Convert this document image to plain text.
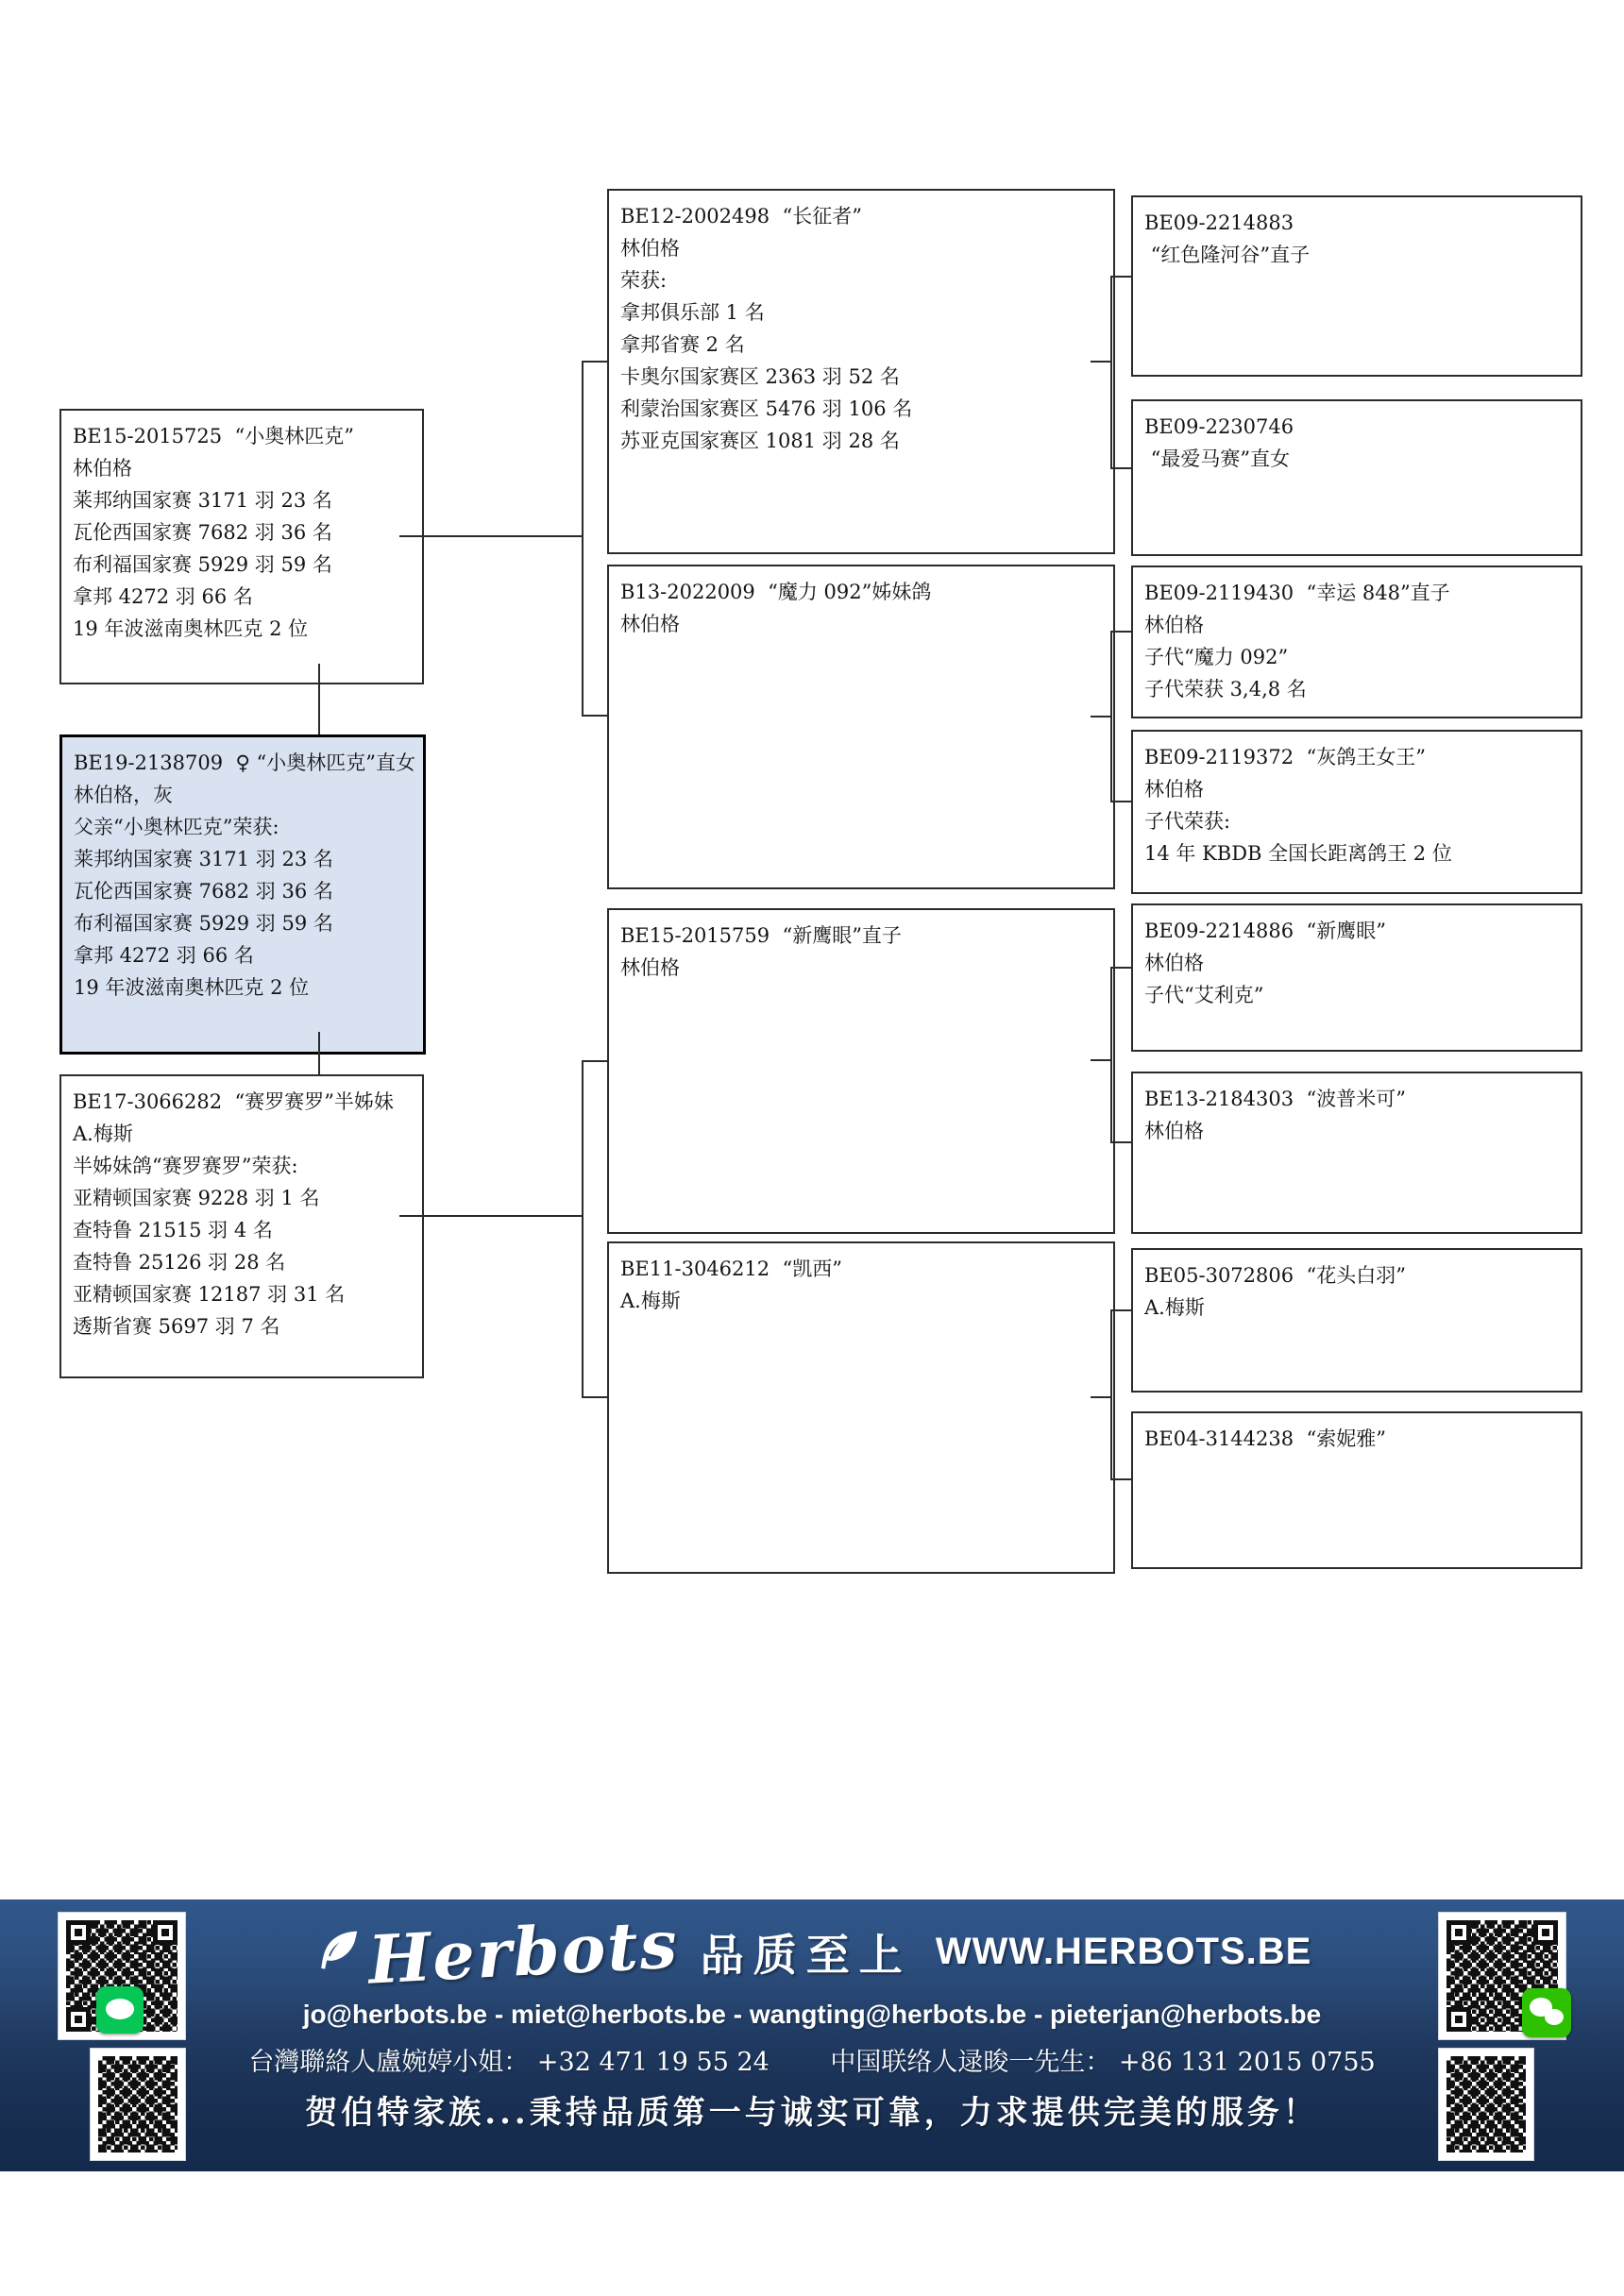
BE15-2015725  “小奥林匹克”
林伯格
莱邦纳国家赛 3171 羽 23 名
瓦伦西国家赛 7682 羽 36 名
布利福国家赛 5929 羽 59 名
拿邦 4272 羽 66 名
19 年波滋南奥林匹克 2 位
BE19-2138709  ♀ “小奥林匹克”直女
林伯格，灰
父亲“小奥林匹克”荣获:
莱邦纳国家赛 3171 羽 23 名
瓦伦西国家赛 7682 羽 36 名
布利福国家赛 5929 羽 59 名
拿邦 4272 羽 66 名
19 年波滋南奥林匹克 2 位
BE17-3066282  “赛罗赛罗”半姊妹
A.梅斯
半姊妹鸽“赛罗赛罗”荣获:
亚精顿国家赛 9228 羽 1 名
查特鲁 21515 羽 4 名
查特鲁 25126 羽 28 名
亚精顿国家赛 12187 羽 31 名
透斯省赛 5697 羽 7 名
BE12-2002498  “长征者”
林伯格
荣获:
拿邦俱乐部 1 名
拿邦省赛 2 名
卡奥尔国家赛区 2363 羽 52 名
利蒙治国家赛区 5476 羽 106 名
苏亚克国家赛区 1081 羽 28 名
B13-2022009  “魔力 092”姊妹鸽
林伯格
BE15-2015759  “新鹰眼”直子
林伯格
BE11-3046212  “凯西”
A.梅斯
BE09-2214883
“红色隆河谷”直子
BE09-2230746
“最爱马赛”直女
BE09-2119430  “幸运 848”直子
林伯格
子代“魔力 092”
子代荣获 3,4,8 名
BE09-2119372  “灰鸽王女王”
林伯格
子代荣获:
14 年 KBDB 全国长距离鸽王 2 位
BE09-2214886  “新鹰眼”
林伯格
子代“艾利克”
BE13-2184303  “波普米可”
林伯格
BE05-3072806  “花头白羽”
A.梅斯
BE04-3144238  “索妮雅”
Herbots 品质至上 WWW.HERBOTS.BE
jo@herbots.be - miet@herbots.be - wangting@herbots.be - pieterjan@herbots.be
台灣聯絡人盧婉婷小姐： +32 471 19 55 24 中国联络人逯晙一先生： +86 131 2015 0755
贺伯特家族...秉持品质第一与诚实可靠，力求提供完美的服务！
